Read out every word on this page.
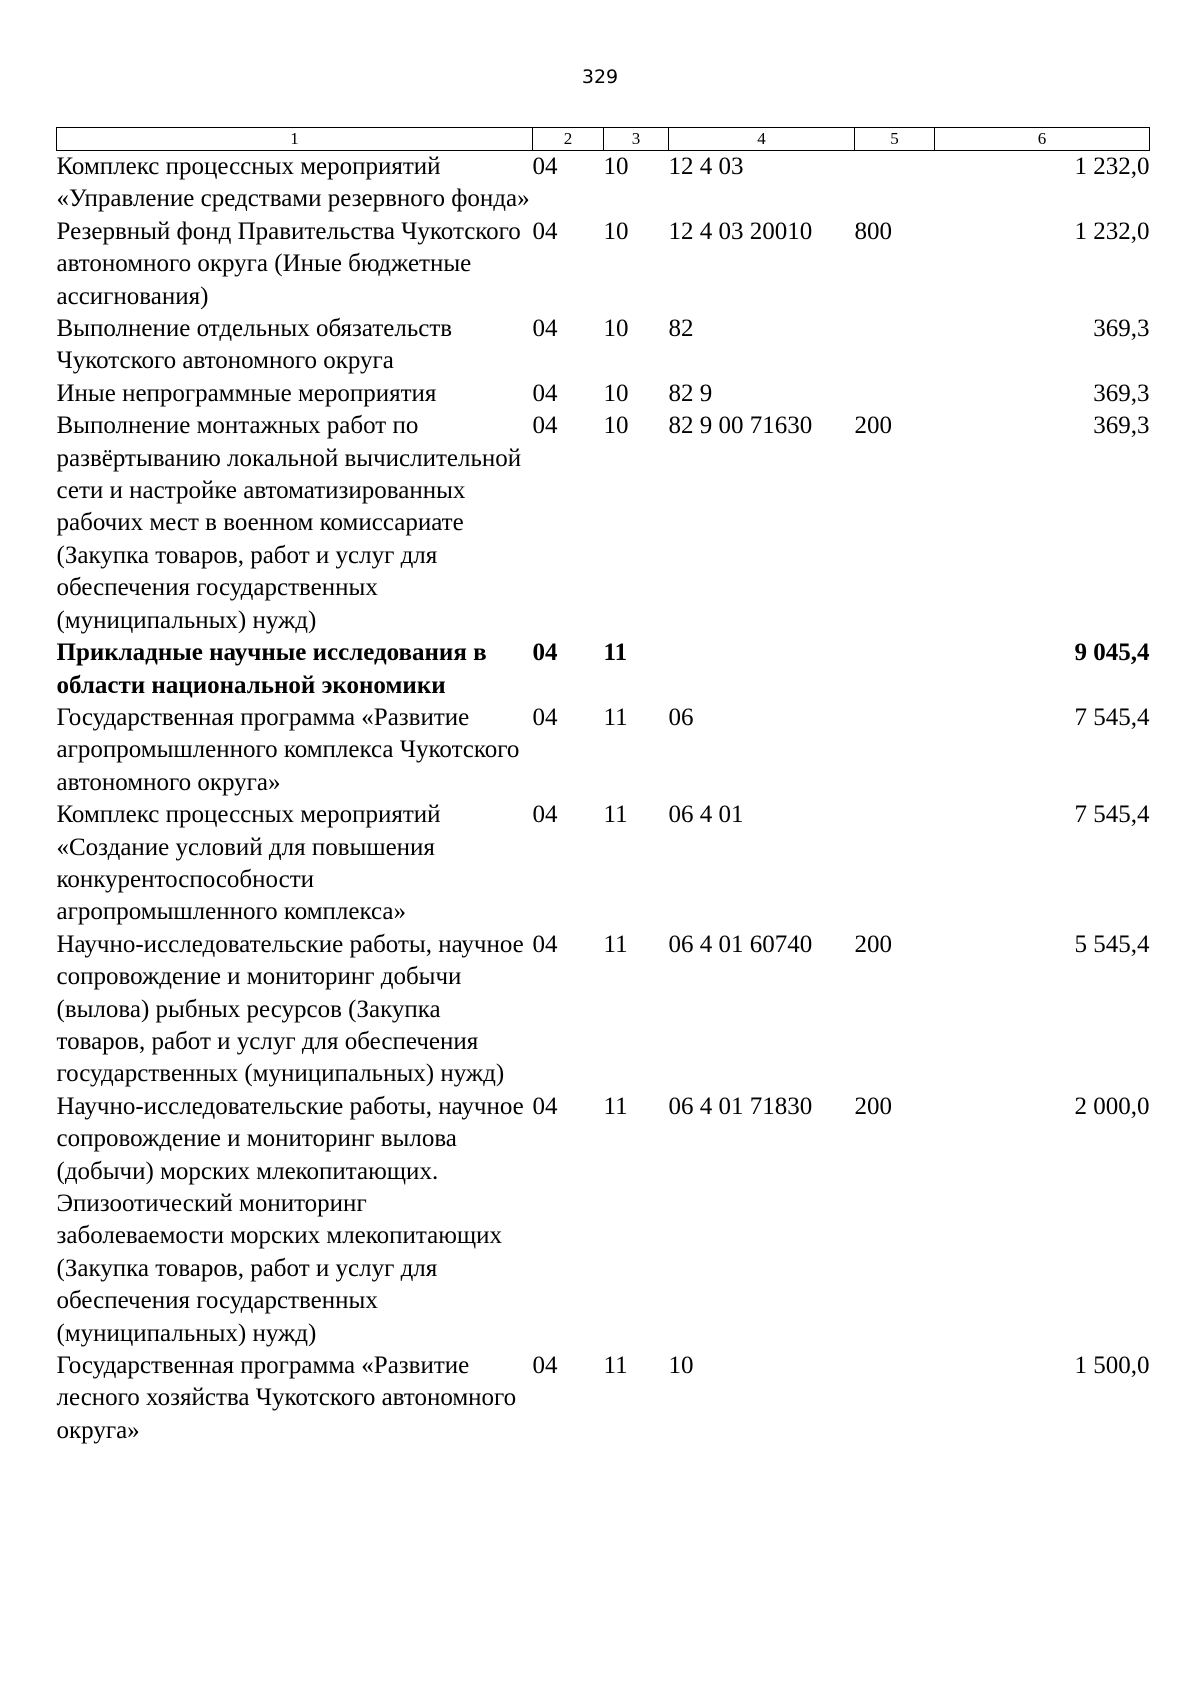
329
1	2	3	4	5	6
Комплекс процессных мероприятий «Управление средствами резервного фонда»	04	10	12 4 03		1 232,0
Резервный фонд Правительства Чукотского автономного округа (Иные бюджетные ассигнования)	04	10	12 4 03 20010	800	1 232,0
Выполнение отдельных обязательств Чукотского автономного округа	04	10	82		369,3
Иные непрограммные мероприятия	04	10	82 9		369,3
Выполнение монтажных работ по развёртыванию локальной вычислительной сети и настройке автоматизированных рабочих мест в военном комиссариате (Закупка товаров, работ и услуг для обеспечения государственных (муниципальных) нужд)	04	10	82 9 00 71630	200	369,3
Прикладные научные исследования в области национальной экономики	04	11			9 045,4
Государственная программа «Развитие агропромышленного комплекса Чукотского автономного округа»	04	11	06		7 545,4
Комплекс процессных мероприятий «Создание условий для повышения конкурентоспособности агропромышленного комплекса»	04	11	06 4 01		7 545,4
Научно-исследовательские работы, научное сопровождение и мониторинг добычи (вылова) рыбных ресурсов (Закупка товаров, работ и услуг для обеспечения государственных (муниципальных) нужд)	04	11	06 4 01 60740	200	5 545,4
Научно-исследовательские работы, научное сопровождение и мониторинг вылова (добычи) морских млекопитающих. Эпизоотический мониторинг заболеваемости морских млекопитающих (Закупка товаров, работ и услуг для обеспечения государственных (муниципальных) нужд)	04	11	06 4 01 71830	200	2 000,0
Государственная программа «Развитие лесного хозяйства Чукотского автономного округа»	04	11	10		1 500,0
